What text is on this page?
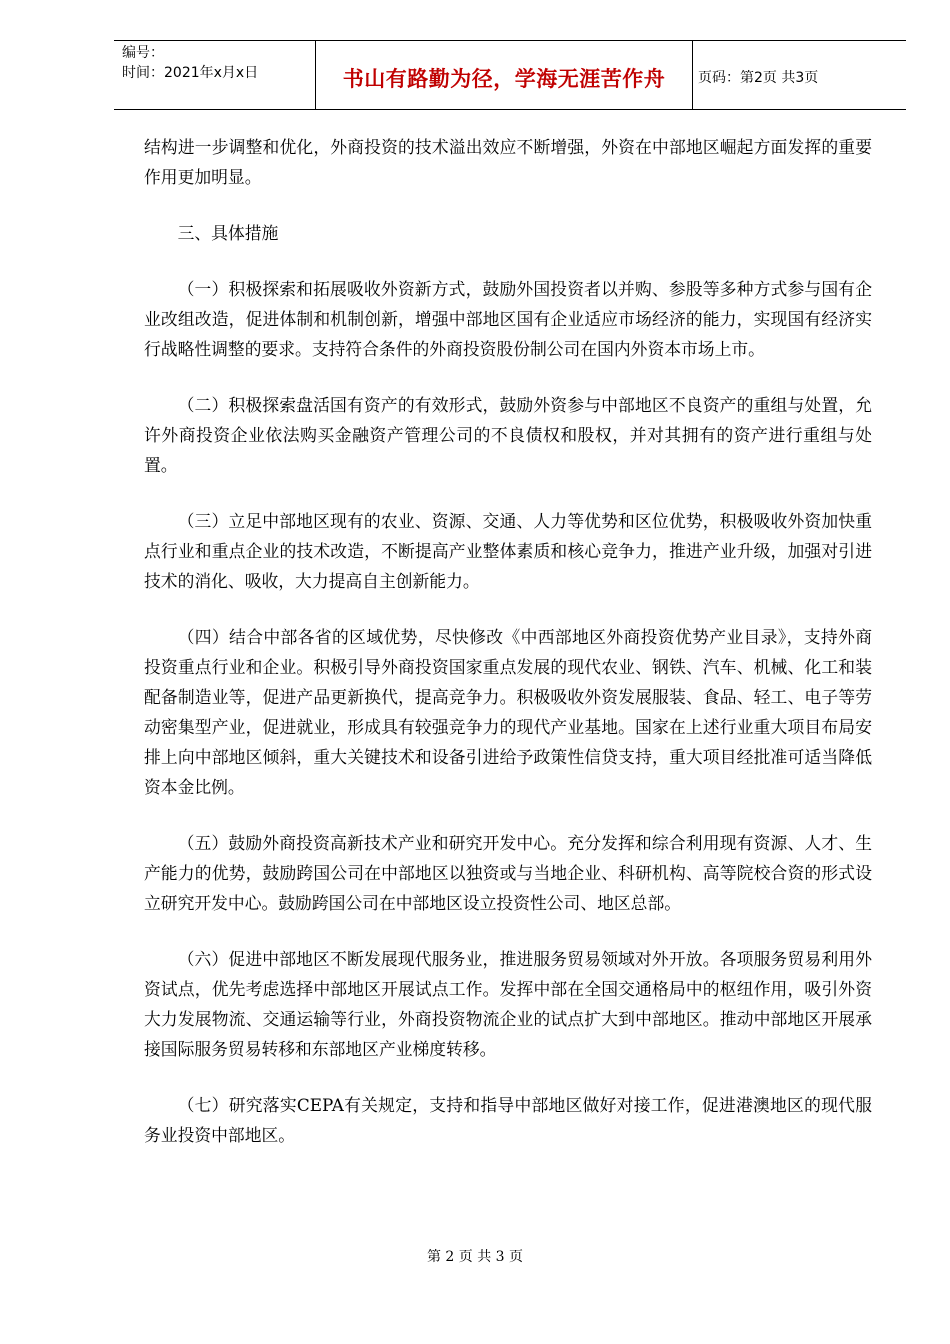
编号：
时间：2021年x月x日	书山有路勤为径，学海无涯苦作舟	页码：第2页 共3页

结构进一步调整和优化，外商投资的技术溢出效应不断增强，外资在中部地区崛起方面发挥的重要作用更加明显。

三、具体措施

（一）积极探索和拓展吸收外资新方式，鼓励外国投资者以并购、参股等多种方式参与国有企业改组改造，促进体制和机制创新，增强中部地区国有企业适应市场经济的能力，实现国有经济实行战略性调整的要求。支持符合条件的外商投资股份制公司在国内外资本市场上市。

（二）积极探索盘活国有资产的有效形式，鼓励外资参与中部地区不良资产的重组与处置，允许外商投资企业依法购买金融资产管理公司的不良债权和股权，并对其拥有的资产进行重组与处置。

（三）立足中部地区现有的农业、资源、交通、人力等优势和区位优势，积极吸收外资加快重点行业和重点企业的技术改造，不断提高产业整体素质和核心竞争力，推进产业升级，加强对引进技术的消化、吸收，大力提高自主创新能力。

（四）结合中部各省的区域优势，尽快修改《中西部地区外商投资优势产业目录》，支持外商投资重点行业和企业。积极引导外商投资国家重点发展的现代农业、钢铁、汽车、机械、化工和装配备制造业等，促进产品更新换代，提高竞争力。积极吸收外资发展服装、食品、轻工、电子等劳动密集型产业，促进就业，形成具有较强竞争力的现代产业基地。国家在上述行业重大项目布局安排上向中部地区倾斜，重大关键技术和设备引进给予政策性信贷支持，重大项目经批准可适当降低资本金比例。

（五）鼓励外商投资高新技术产业和研究开发中心。充分发挥和综合利用现有资源、人才、生产能力的优势，鼓励跨国公司在中部地区以独资或与当地企业、科研机构、高等院校合资的形式设立研究开发中心。鼓励跨国公司在中部地区设立投资性公司、地区总部。

（六）促进中部地区不断发展现代服务业，推进服务贸易领域对外开放。各项服务贸易利用外资试点，优先考虑选择中部地区开展试点工作。发挥中部在全国交通格局中的枢纽作用，吸引外资大力发展物流、交通运输等行业，外商投资物流企业的试点扩大到中部地区。推动中部地区开展承接国际服务贸易转移和东部地区产业梯度转移。

（七）研究落实CEPA有关规定，支持和指导中部地区做好对接工作，促进港澳地区的现代服务业投资中部地区。

第 2 页 共 3 页
